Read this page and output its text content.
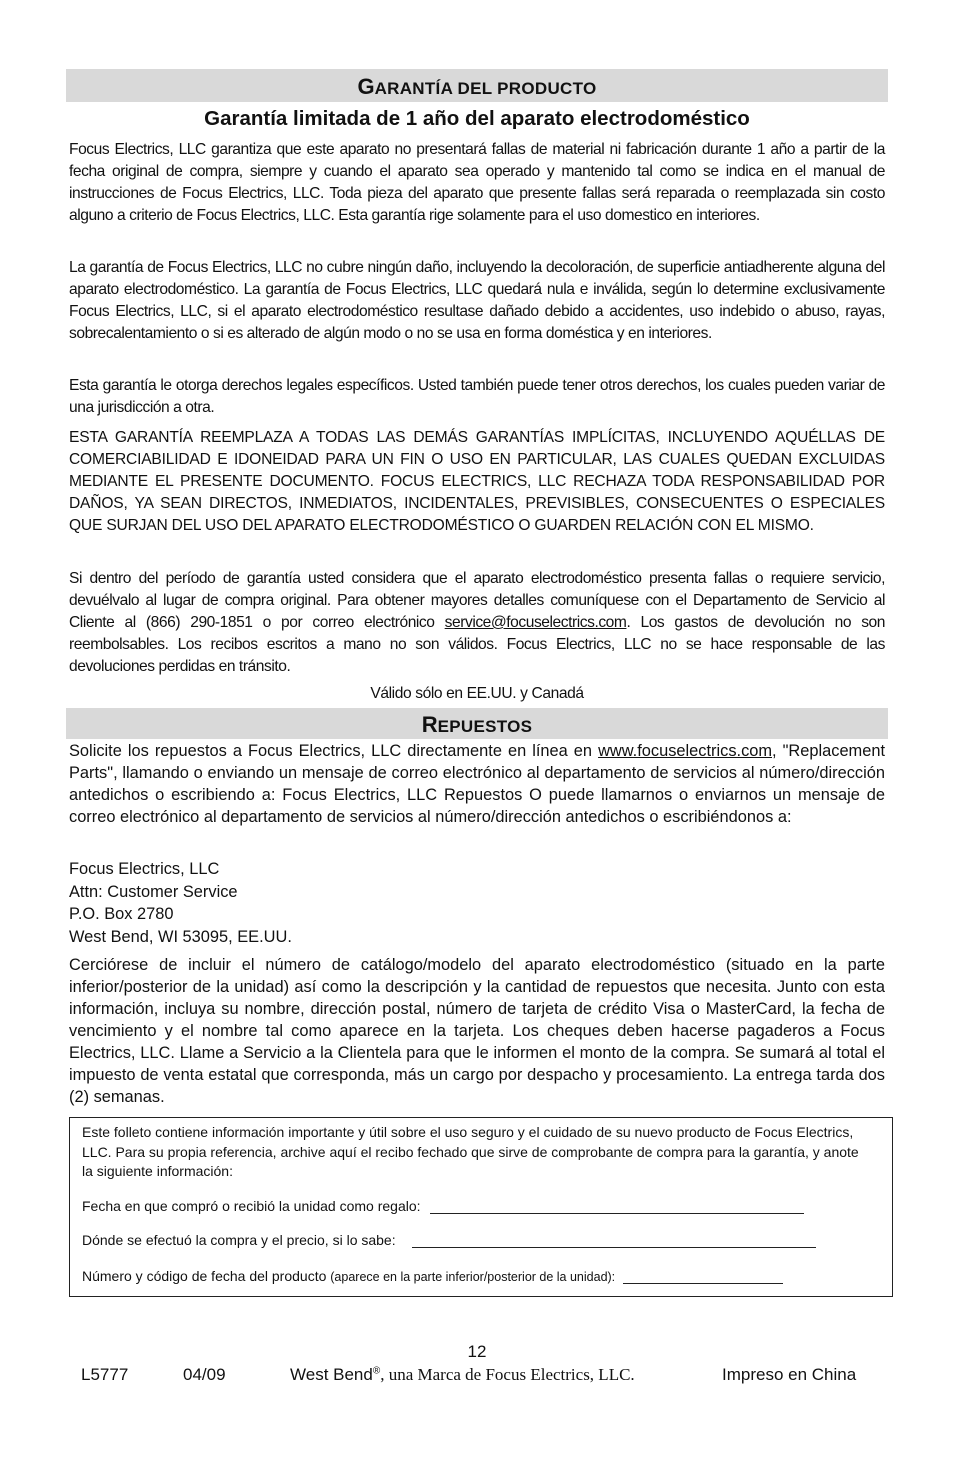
GARANTÍA DEL PRODUCTO
Garantía limitada de 1 año del aparato electrodoméstico
Focus Electrics, LLC garantiza que este aparato no presentará fallas de material ni fabricación durante 1 año a partir de la fecha original de compra, siempre y cuando el aparato sea operado y mantenido tal como se indica en el manual de instrucciones de Focus Electrics, LLC. Toda pieza del aparato que presente fallas será reparada o reemplazada sin costo alguno a criterio de Focus Electrics, LLC. Esta garantía rige solamente para el uso domestico en interiores.
La garantía de Focus Electrics, LLC no cubre ningún daño, incluyendo la decoloración, de superficie antiadherente alguna del aparato electrodoméstico. La garantía de Focus Electrics, LLC quedará nula e inválida, según lo determine exclusivamente Focus Electrics, LLC, si el aparato electrodoméstico resultase dañado debido a accidentes, uso indebido o abuso, rayas, sobrecalentamiento o si es alterado de algún modo o no se usa en forma doméstica y en interiores.
Esta garantía le otorga derechos legales específicos. Usted también puede tener otros derechos, los cuales pueden variar de una jurisdicción a otra.
ESTA GARANTÍA REEMPLAZA A TODAS LAS DEMÁS GARANTÍAS IMPLÍCITAS, INCLUYENDO AQUÉLLAS DE COMERCIABILIDAD E IDONEIDAD PARA UN FIN O USO EN PARTICULAR, LAS CUALES QUEDAN EXCLUIDAS MEDIANTE EL PRESENTE DOCUMENTO. FOCUS ELECTRICS, LLC RECHAZA TODA RESPONSABILIDAD POR DAÑOS, YA SEAN DIRECTOS, INMEDIATOS, INCIDENTALES, PREVISIBLES, CONSECUENTES O ESPECIALES QUE SURJAN DEL USO DEL APARATO ELECTRODOMÉSTICO O GUARDEN RELACIÓN CON EL MISMO.
Si dentro del período de garantía usted considera que el aparato electrodoméstico presenta fallas o requiere servicio, devuélvalo al lugar de compra original. Para obtener mayores detalles comuníquese con el Departamento de Servicio al Cliente al (866) 290-1851 o por correo electrónico service@focuselectrics.com. Los gastos de devolución no son reembolsables. Los recibos escritos a mano no son válidos. Focus Electrics, LLC no se hace responsable de las devoluciones perdidas en tránsito.
Válido sólo en EE.UU. y Canadá
REPUESTOS
Solicite los repuestos a Focus Electrics, LLC directamente en línea en www.focuselectrics.com, "Replacement Parts", llamando o enviando un mensaje de correo electrónico al departamento de servicios al número/dirección antedichos o escribiendo a: Focus Electrics, LLC Repuestos O puede llamarnos o enviarnos un mensaje de correo electrónico al departamento de servicios al número/dirección antedichos o escribiéndonos a:
Focus Electrics, LLC
Attn: Customer Service
P.O. Box 2780
West Bend, WI 53095, EE.UU.
Cerciórese de incluir el número de catálogo/modelo del aparato electrodoméstico (situado en la parte inferior/posterior de la unidad) así como la descripción y la cantidad de repuestos que necesita. Junto con esta información, incluya su nombre, dirección postal, número de tarjeta de crédito Visa o MasterCard, la fecha de vencimiento y el nombre tal como aparece en la tarjeta. Los cheques deben hacerse pagaderos a Focus Electrics, LLC. Llame a Servicio a la Clientela para que le informen el monto de la compra. Se sumará al total el impuesto de venta estatal que corresponda, más un cargo por despacho y procesamiento. La entrega tarda dos (2) semanas.
Este folleto contiene información importante y útil sobre el uso seguro y el cuidado de su nuevo producto de Focus Electrics, LLC. Para su propia referencia, archive aquí el recibo fechado que sirve de comprobante de compra para la garantía, y anote la siguiente información:
Fecha en que compró o recibió la unidad como regalo:
Dónde se efectuó la compra y el precio, si lo sabe:
Número y código de fecha del producto (aparece en la parte inferior/posterior de la unidad):
12
L5777	04/09	West Bend®, una Marca de Focus Electrics, LLC.	Impreso en China
